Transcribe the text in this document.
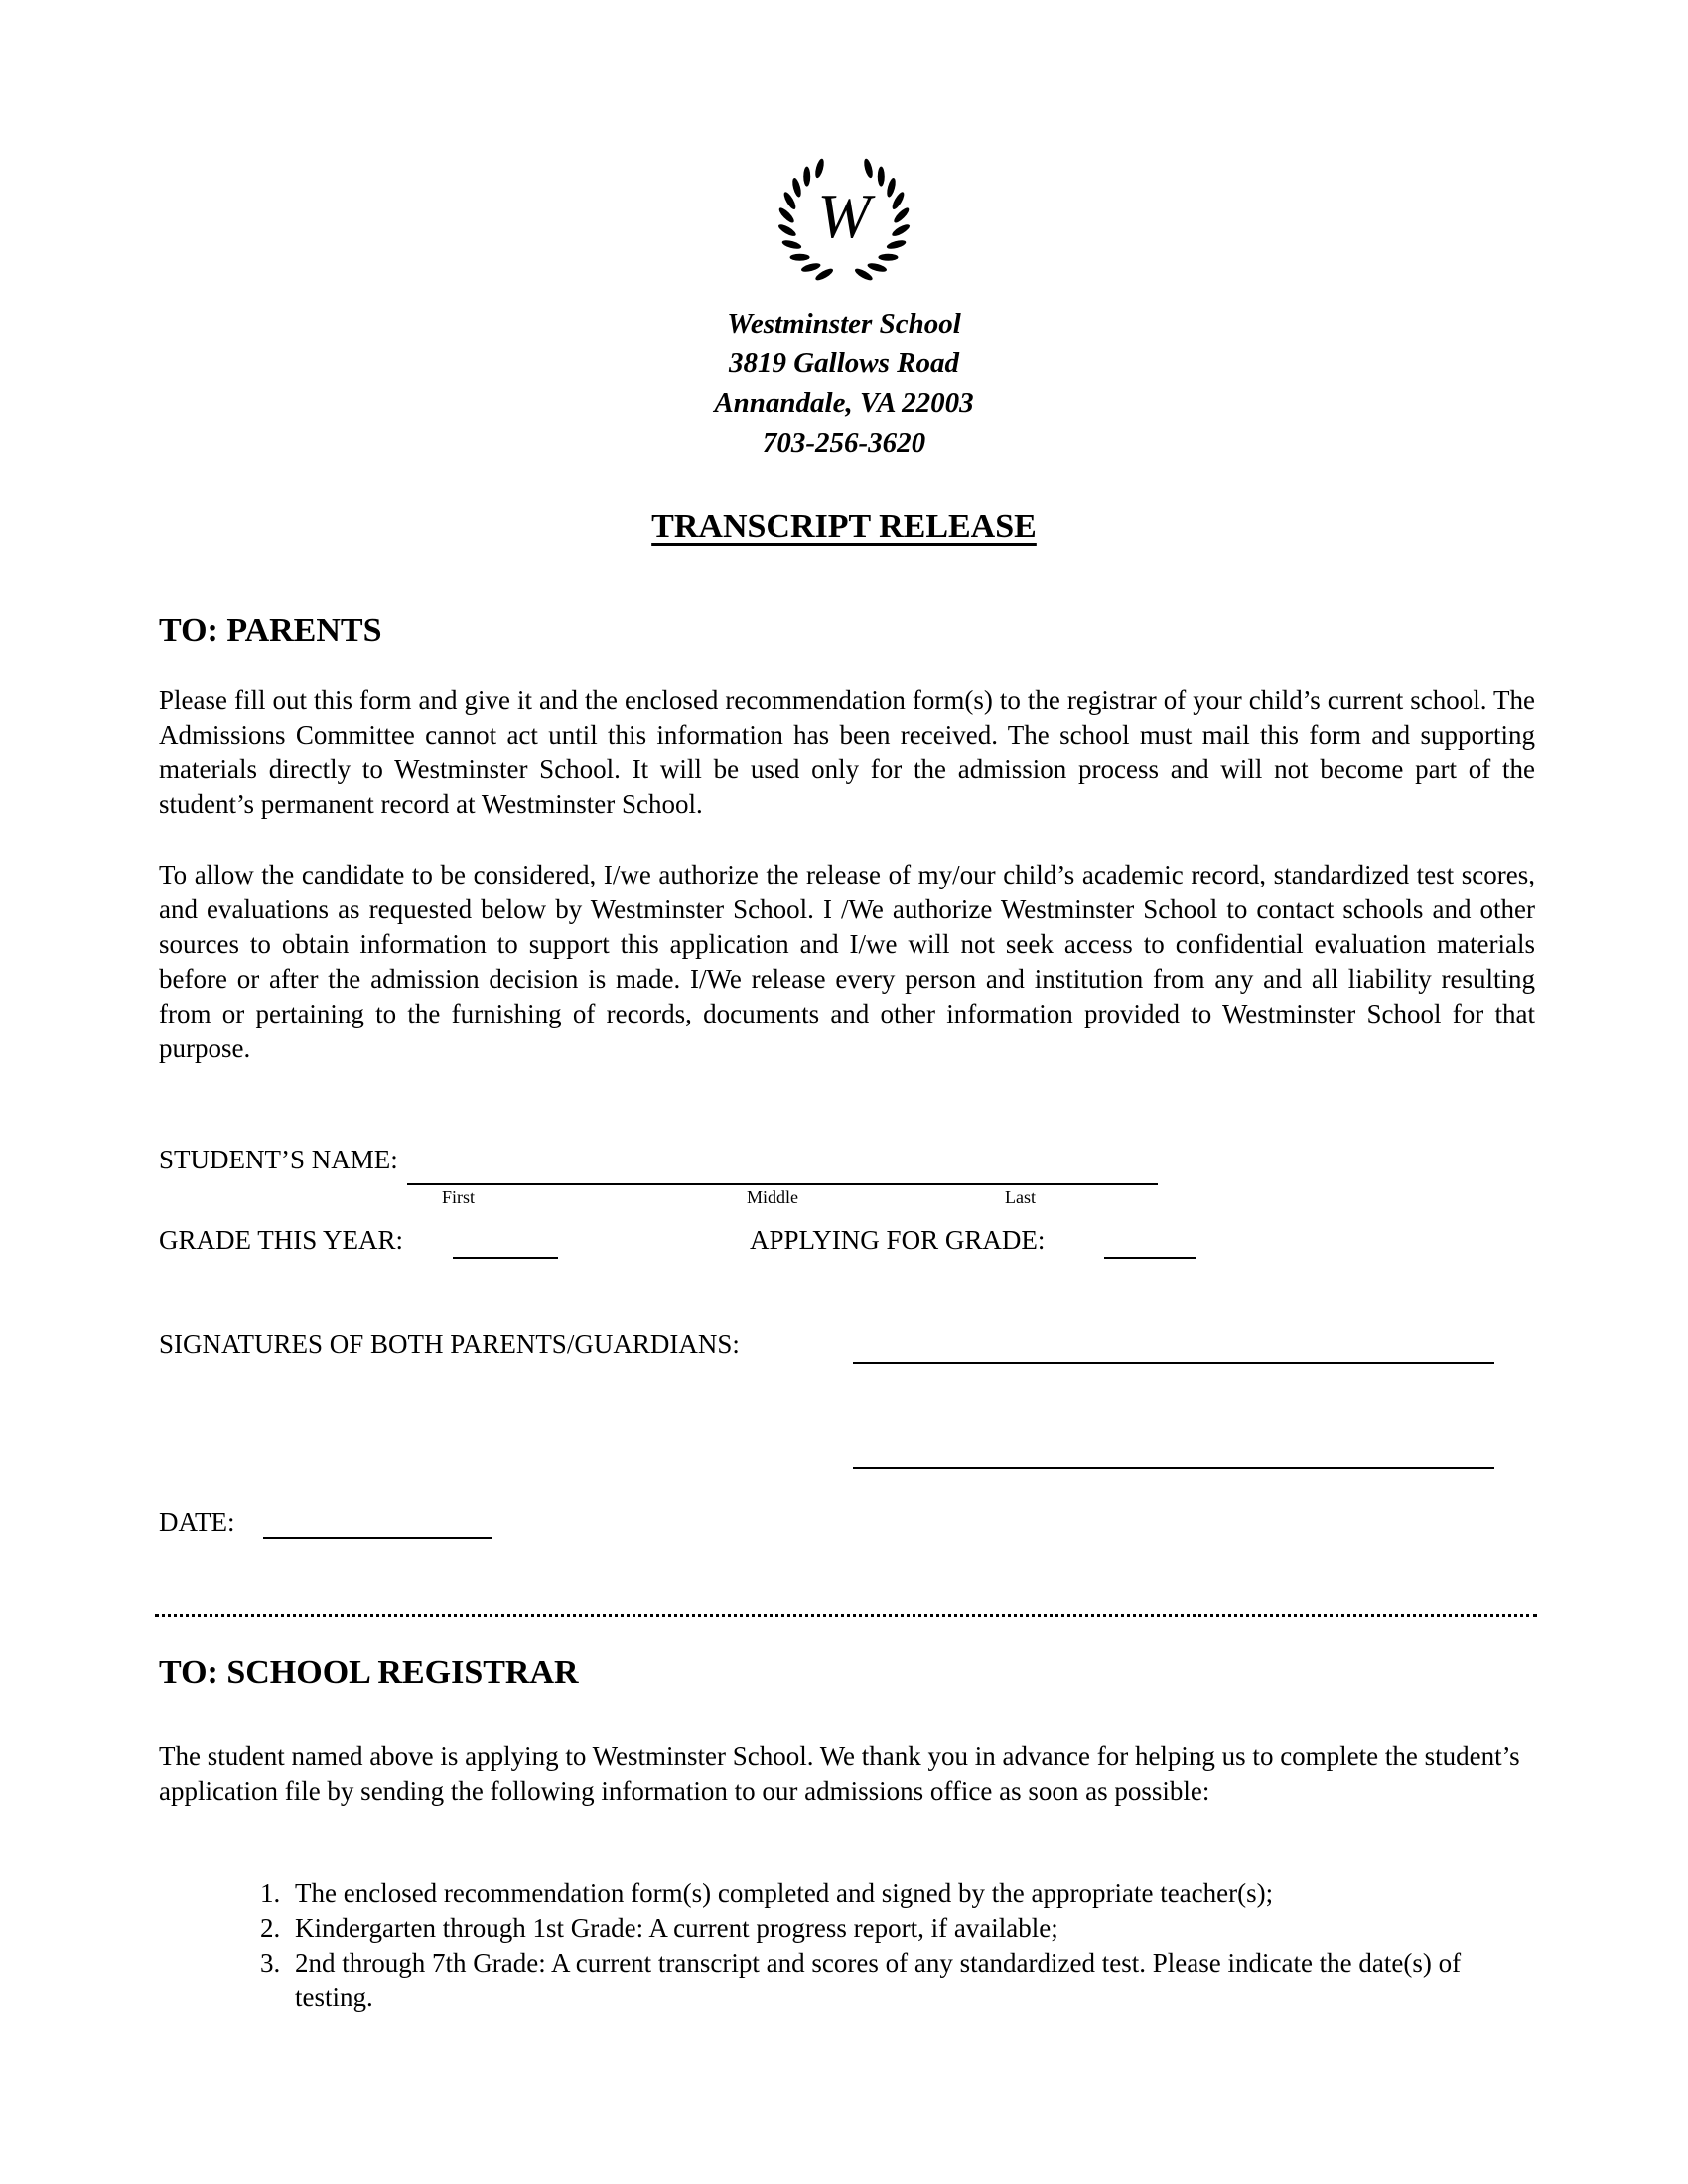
W
Westminster School
3819 Gallows Road
Annandale, VA 22003
703-256-3620
TRANSCRIPT RELEASE
TO: PARENTS
Please fill out this form and give it and the enclosed recommendation form(s) to the registrar of your child’s current school. The Admissions Committee cannot act until this information has been received. The school must mail this form and supporting materials directly to Westminster School. It will be used only for the admission process and will not become part of the student’s permanent record at Westminster School.
To allow the candidate to be considered, I/we authorize the release of my/our child’s academic record, standardized test scores, and evaluations as requested below by Westminster School. I /We authorize Westminster School to contact schools and other sources to obtain information to support this application and I/we will not seek access to confidential evaluation materials before or after the admission decision is made. I/We release every person and institution from any and all liability resulting from or pertaining to the furnishing of records, documents and other information provided to Westminster School for that purpose.
STUDENT’S NAME:
First	Middle	Last
GRADE THIS YEAR:	APPLYING FOR GRADE:
SIGNATURES OF BOTH PARENTS/GUARDIANS:
DATE:
TO: SCHOOL REGISTRAR
The student named above is applying to Westminster School. We thank you in advance for helping us to complete the student’s application file by sending the following information to our admissions office as soon as possible:
1. The enclosed recommendation form(s) completed and signed by the appropriate teacher(s);
2. Kindergarten through 1st Grade: A current progress report, if available;
3. 2nd through 7th Grade: A current transcript and scores of any standardized test. Please indicate the date(s) of testing.
